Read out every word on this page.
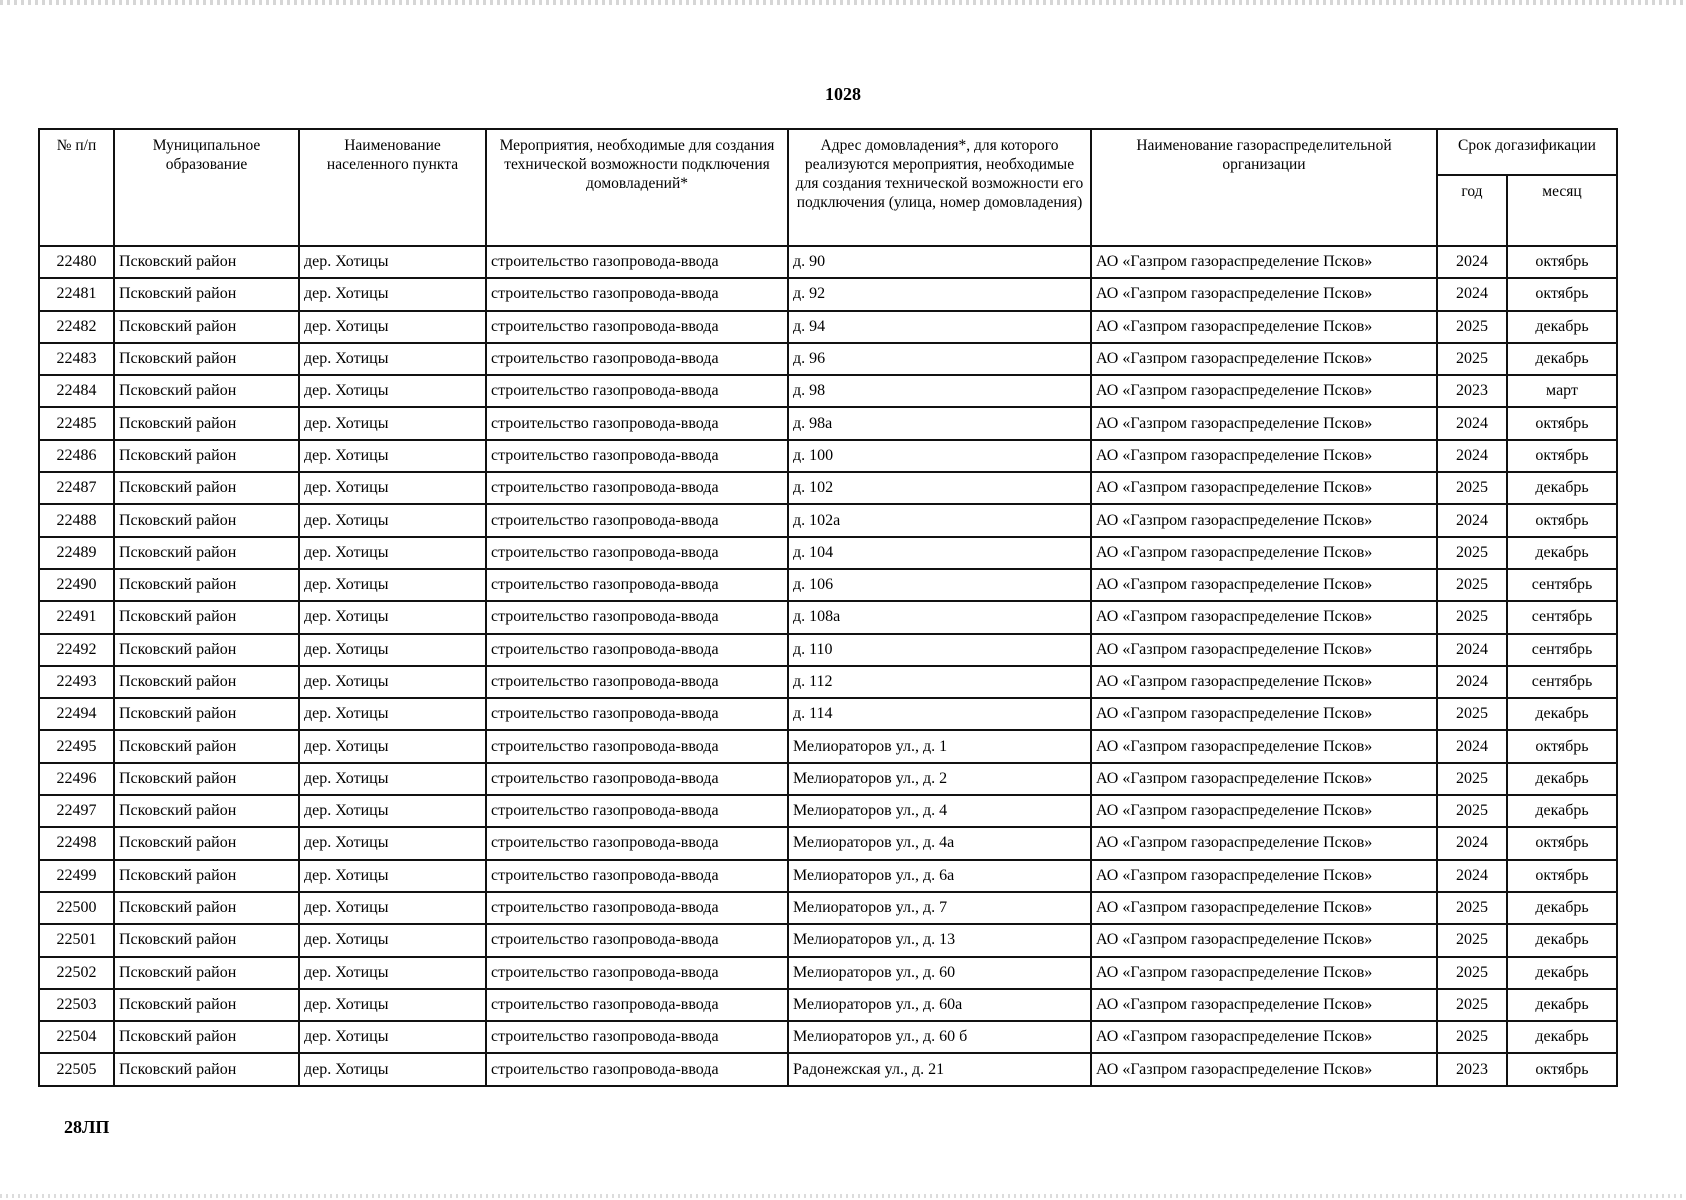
1028
№ п/п	Муниципальное образование	Наименование населенного пункта	Мероприятия, необходимые для создания технической возможности подключения домовладений*	Адрес домовладения*, для которого реализуются мероприятия, необходимые для создания технической возможности его подключения (улица, номер домовладения)	Наименование газораспределительной организации	Срок догазификации	
						год	месяц
22480	Псковский район	дер. Хотицы	строительство газопровода-ввода	д. 90	АО «Газпром газораспределение Псков»	2024	октябрь
22481	Псковский район	дер. Хотицы	строительство газопровода-ввода	д. 92	АО «Газпром газораспределение Псков»	2024	октябрь
22482	Псковский район	дер. Хотицы	строительство газопровода-ввода	д. 94	АО «Газпром газораспределение Псков»	2025	декабрь
22483	Псковский район	дер. Хотицы	строительство газопровода-ввода	д. 96	АО «Газпром газораспределение Псков»	2025	декабрь
22484	Псковский район	дер. Хотицы	строительство газопровода-ввода	д. 98	АО «Газпром газораспределение Псков»	2023	март
22485	Псковский район	дер. Хотицы	строительство газопровода-ввода	д. 98а	АО «Газпром газораспределение Псков»	2024	октябрь
22486	Псковский район	дер. Хотицы	строительство газопровода-ввода	д. 100	АО «Газпром газораспределение Псков»	2024	октябрь
22487	Псковский район	дер. Хотицы	строительство газопровода-ввода	д. 102	АО «Газпром газораспределение Псков»	2025	декабрь
22488	Псковский район	дер. Хотицы	строительство газопровода-ввода	д. 102а	АО «Газпром газораспределение Псков»	2024	октябрь
22489	Псковский район	дер. Хотицы	строительство газопровода-ввода	д. 104	АО «Газпром газораспределение Псков»	2025	декабрь
22490	Псковский район	дер. Хотицы	строительство газопровода-ввода	д. 106	АО «Газпром газораспределение Псков»	2025	сентябрь
22491	Псковский район	дер. Хотицы	строительство газопровода-ввода	д. 108а	АО «Газпром газораспределение Псков»	2025	сентябрь
22492	Псковский район	дер. Хотицы	строительство газопровода-ввода	д. 110	АО «Газпром газораспределение Псков»	2024	сентябрь
22493	Псковский район	дер. Хотицы	строительство газопровода-ввода	д. 112	АО «Газпром газораспределение Псков»	2024	сентябрь
22494	Псковский район	дер. Хотицы	строительство газопровода-ввода	д. 114	АО «Газпром газораспределение Псков»	2025	декабрь
22495	Псковский район	дер. Хотицы	строительство газопровода-ввода	Мелиораторов ул., д. 1	АО «Газпром газораспределение Псков»	2024	октябрь
22496	Псковский район	дер. Хотицы	строительство газопровода-ввода	Мелиораторов ул., д. 2	АО «Газпром газораспределение Псков»	2025	декабрь
22497	Псковский район	дер. Хотицы	строительство газопровода-ввода	Мелиораторов ул., д. 4	АО «Газпром газораспределение Псков»	2025	декабрь
22498	Псковский район	дер. Хотицы	строительство газопровода-ввода	Мелиораторов ул., д. 4а	АО «Газпром газораспределение Псков»	2024	октябрь
22499	Псковский район	дер. Хотицы	строительство газопровода-ввода	Мелиораторов ул., д. 6а	АО «Газпром газораспределение Псков»	2024	октябрь
22500	Псковский район	дер. Хотицы	строительство газопровода-ввода	Мелиораторов ул., д. 7	АО «Газпром газораспределение Псков»	2025	декабрь
22501	Псковский район	дер. Хотицы	строительство газопровода-ввода	Мелиораторов ул., д. 13	АО «Газпром газораспределение Псков»	2025	декабрь
22502	Псковский район	дер. Хотицы	строительство газопровода-ввода	Мелиораторов ул., д. 60	АО «Газпром газораспределение Псков»	2025	декабрь
22503	Псковский район	дер. Хотицы	строительство газопровода-ввода	Мелиораторов ул., д. 60а	АО «Газпром газораспределение Псков»	2025	декабрь
22504	Псковский район	дер. Хотицы	строительство газопровода-ввода	Мелиораторов ул., д. 60 б	АО «Газпром газораспределение Псков»	2025	декабрь
22505	Псковский район	дер. Хотицы	строительство газопровода-ввода	Радонежская ул., д. 21	АО «Газпром газораспределение Псков»	2023	октябрь
28ЛП
